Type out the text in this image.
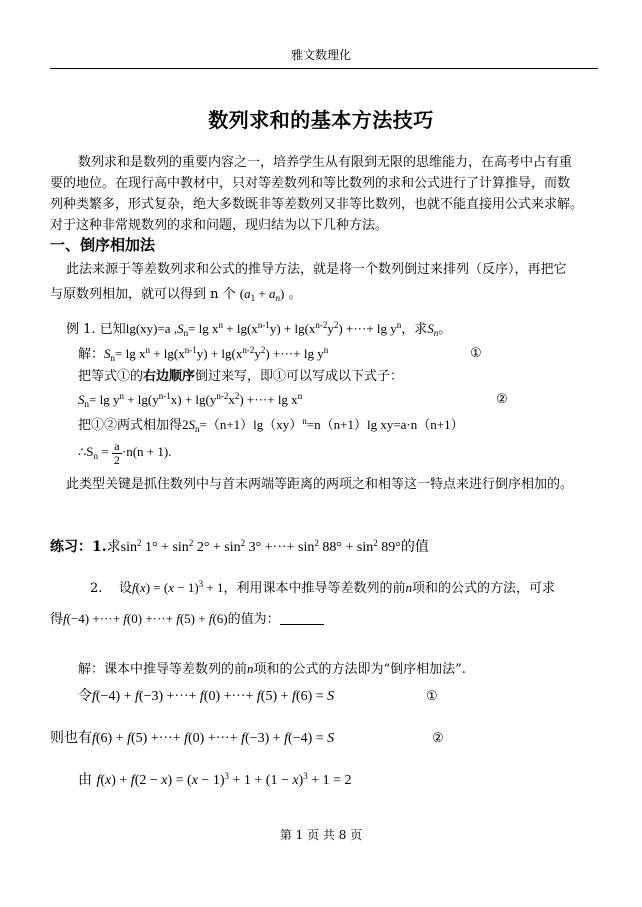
雅文数理化
数列求和的基本方法技巧
数列求和是数列的重要内容之一，培养学生从有限到无限的思维能力，在高考中占有重
要的地位。在现行高中教材中，只对等差数列和等比数列的求和公式进行了计算推导，而数
列种类繁多，形式复杂，绝大多数既非等差数列又非等比数列，也就不能直接用公式来求解。
对于这种非常规数列的求和问题，现归结为以下几种方法。
一、倒序相加法
此法来源于等差数列求和公式的推导方法，就是将一个数列倒过来排列（反序），再把它
与原数列相加，就可以得到 n 个 $(a_1 + a_n)$ 。
例 1. 已知lg(xy)=a $,S_n= \lg x^n + \lg(x^{n-1}y) + \lg(x^{n-2}y^2)$ +···+ $\lg y^n$，求$S_n$。
解：$S_n= \lg x^n + \lg(x^{n-1}y) + \lg(x^{n-2}y^2)$ +···+ $\lg y^n$	①
把等式①的右边顺序倒过来写，即①可以写成以下式子：
$S_n= \lg y^n + \lg(y^{n-1}x) + \lg(y^{n-2}x^2)$ +···+ $\lg x^n$	②
把①②两式相加得$2S_n=(n+1)\lg(xy)^n=n(n+1)\lg$ xy=a·n（n+1）
$\therefore S_n = \frac{a}{2} \cdot n(n + 1)$.
此类型关键是抓住数列中与首末两端等距离的两项之和相等这一特点来进行倒序相加的。
练习：1.求$\sin^2 1^\circ + \sin^2 2^\circ + \sin^2 3^\circ$ +···+ $\sin^2 88^\circ + \sin^2 89^\circ$的值
2. 设$f(x) = (x - 1)^3 + 1$，利用课本中推导等差数列的前n项和的公式的方法，可求
得f(−4) +···+ f(0) +···+ f(5) + f(6)的值为：
解：课本中推导等差数列的前n项和的公式的方法即为“倒序相加法”.
令f(−4) + f(−3) +···+ f(0) +···+ f(5) + f(6) = S	①
则也有f(6) + f(5) +···+ f(0) +···+ f(−3) + f(−4) = S	②
由 $f(x) + f(2 - x) = (x - 1)^3 + 1 + (1 - x)^3 + 1 = 2$
第 1 页 共 8 页
